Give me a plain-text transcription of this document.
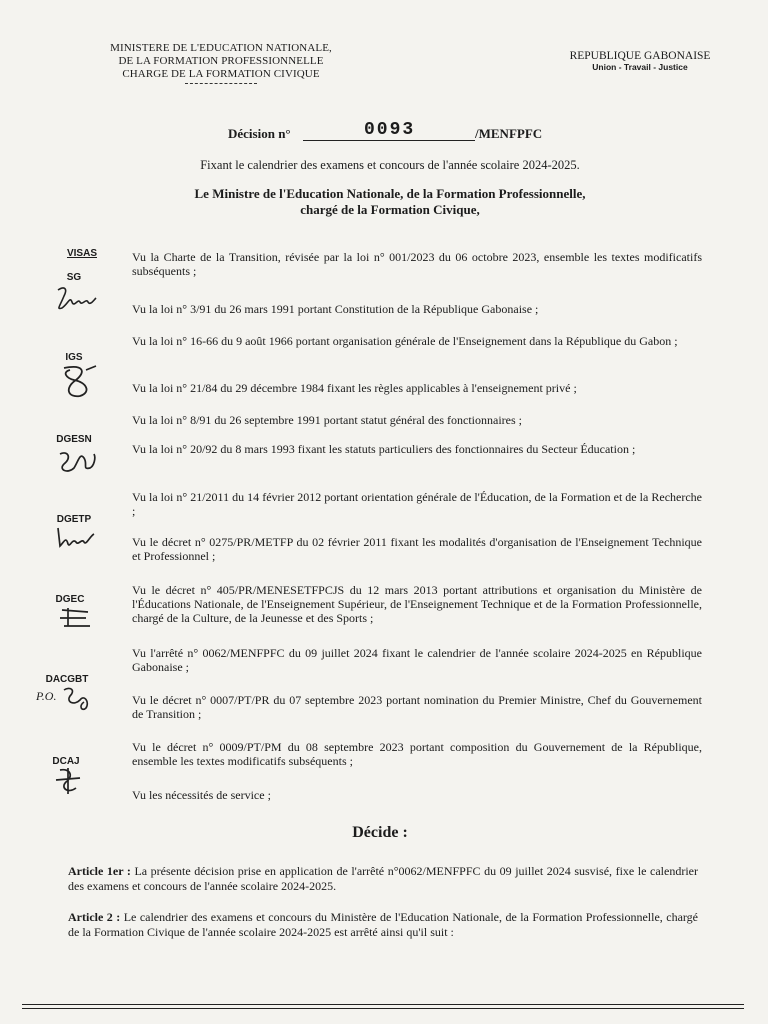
MINISTERE DE L'EDUCATION NATIONALE,
DE LA FORMATION PROFESSIONNELLE
CHARGE DE LA FORMATION CIVIQUE
REPUBLIQUE GABONAISE
Union - Travail - Justice
Décision n°	0093	/MENFPFC
Fixant le calendrier des examens et concours de l'année scolaire 2024-2025.
Le Ministre de l'Education Nationale, de la Formation Professionnelle,
chargé de la Formation Civique,
VISAS
SG
IGS
DGESN
DGETP
DGEC
DACGBT
P.O.
DCAJ
Vu la Charte de la Transition, révisée par la loi n° 001/2023 du 06 octobre 2023, ensemble les textes modificatifs subséquents ;
Vu la loi n° 3/91 du 26 mars 1991 portant Constitution de la République Gabonaise ;
Vu la loi n° 16-66 du 9 août 1966 portant organisation générale de l'Enseignement dans la République du Gabon ;
Vu la loi n° 21/84 du 29 décembre 1984 fixant les règles applicables à l'enseignement privé ;
Vu la loi n° 8/91 du 26 septembre 1991 portant statut général des fonctionnaires ;
Vu la loi n° 20/92 du 8 mars 1993 fixant les statuts particuliers des fonctionnaires du Secteur Éducation ;
Vu la loi n° 21/2011 du 14 février 2012 portant orientation générale de l'Éducation, de la Formation et de la Recherche ;
Vu le décret n° 0275/PR/METFP du 02 février 2011 fixant les modalités d'organisation de l'Enseignement Technique et Professionnel ;
Vu le décret n° 405/PR/MENESETFPCJS du 12 mars 2013 portant attributions et organisation du Ministère de l'Éducations Nationale, de l'Enseignement Supérieur, de l'Enseignement Technique et de la Formation Professionnelle, chargé de la Culture, de la Jeunesse et des Sports ;
Vu l'arrêté n° 0062/MENFPFC du 09 juillet 2024 fixant le calendrier de l'année scolaire 2024-2025 en République Gabonaise ;
Vu le décret n° 0007/PT/PR du 07 septembre 2023 portant nomination du Premier Ministre, Chef du Gouvernement de Transition ;
Vu le décret n° 0009/PT/PM du 08 septembre 2023 portant composition du Gouvernement de la République, ensemble les textes modificatifs subséquents ;
Vu les nécessités de service ;
Décide :
Article 1er : La présente décision prise en application de l'arrêté n°0062/MENFPFC du 09 juillet 2024 susvisé, fixe le calendrier des examens et concours de l'année scolaire 2024-2025.
Article 2 : Le calendrier des examens et concours du Ministère de l'Education Nationale, de la Formation Professionnelle, chargé de la Formation Civique de l'année scolaire 2024-2025 est arrêté ainsi qu'il suit :
